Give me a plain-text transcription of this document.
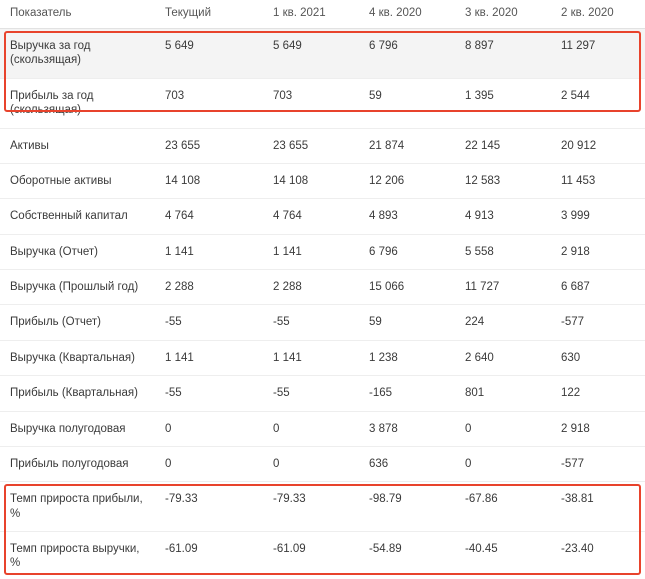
Показатель	Текущий	1 кв. 2021	4 кв. 2020	3 кв. 2020	2 кв. 2020
Выручка за год (скользящая)	5 649	5 649	6 796	8 897	11 297
Прибыль за год (скользящая)	703	703	59	1 395	2 544
Активы	23 655	23 655	21 874	22 145	20 912
Оборотные активы	14 108	14 108	12 206	12 583	11 453
Собственный капитал	4 764	4 764	4 893	4 913	3 999
Выручка (Отчет)	1 141	1 141	6 796	5 558	2 918
Выручка (Прошлый год)	2 288	2 288	15 066	11 727	6 687
Прибыль (Отчет)	-55	-55	59	224	-577
Выручка (Квартальная)	1 141	1 141	1 238	2 640	630
Прибыль (Квартальная)	-55	-55	-165	801	122
Выручка полугодовая	0	0	3 878	0	2 918
Прибыль полугодовая	0	0	636	0	-577
Темп прироста прибыли, %	-79.33	-79.33	-98.79	-67.86	-38.81
Темп прироста выручки, %	-61.09	-61.09	-54.89	-40.45	-23.40
